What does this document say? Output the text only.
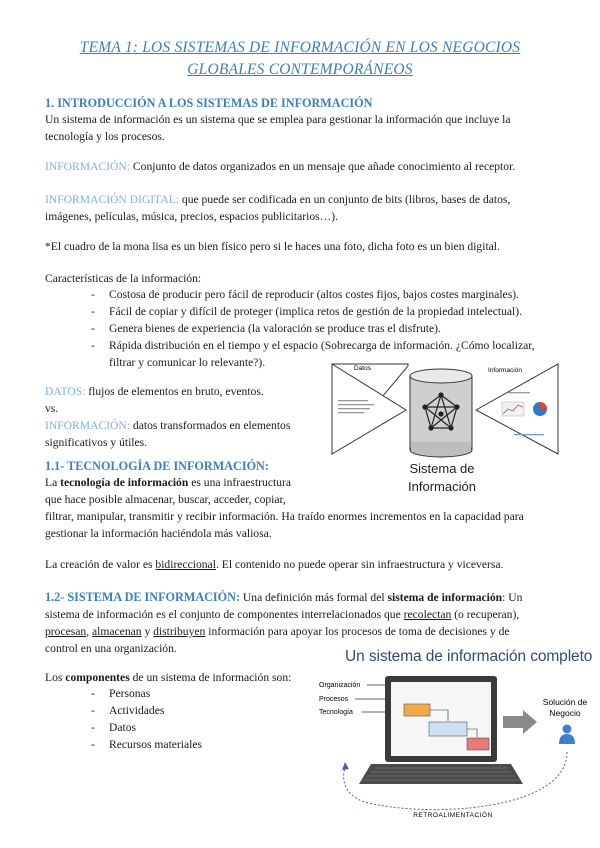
TEMA 1: LOS SISTEMAS DE INFORMACIÓN EN LOS NEGOCIOS
GLOBALES CONTEMPORÁNEOS
1. INTRODUCCIÓN A LOS SISTEMAS DE INFORMACIÓN
Un sistema de información es un sistema que se emplea para gestionar la información que incluye la
tecnología y los procesos.
INFORMACIÓN: Conjunto de datos organizados en un mensaje que añade conocimiento al receptor.
INFORMACIÓN DIGITAL: que puede ser codificada en un conjunto de bits (libros, bases de datos,
imágenes, películas, música, precios, espacios publicitarios…).
*El cuadro de la mona lisa es un bien físico pero si le haces una foto, dicha foto es un bien digital.
Características de la información:
- Costosa de producir pero fácil de reproducir (altos costes fijos, bajos costes marginales).
- Fácil de copiar y difícil de proteger (implica retos de gestión de la propiedad intelectual).
- Genera bienes de experiencia (la valoración se produce tras el disfrute).
- Rápida distribución en el tiempo y el espacio (Sobrecarga de información. ¿Cómo localizar,
filtrar y comunicar lo relevante?).
DATOS: flujos de elementos en bruto, eventos.
vs.
INFORMACIÓN: datos transformados en elementos
significativos y útiles.
Datos	Información
Sistema de
Información
1.1- TECNOLOGÍA DE INFORMACIÓN:
La tecnología de información es una infraestructura
que hace posible almacenar, buscar, acceder, copiar,
filtrar, manipular, transmitir y recibir información. Ha traído enormes incrementos en la capacidad para
gestionar la información haciéndola más valiosa.
La creación de valor es bidireccional. El contenido no puede operar sin infraestructura y viceversa.
1.2- SISTEMA DE INFORMACIÓN: Una definición más formal del sistema de información: Un
sistema de información es el conjunto de componentes interrelacionados que recolectan (o recuperan),
procesan, almacenan y distribuyen información para apoyar los procesos de toma de decisiones y de
control en una organización.
Los componentes de un sistema de información son:
- Personas
- Actividades
- Datos
- Recursos materiales
Un sistema de información completo
Organización
Procesos
Tecnología
Solución de
Negocio
RETROALIMENTACIÓN
